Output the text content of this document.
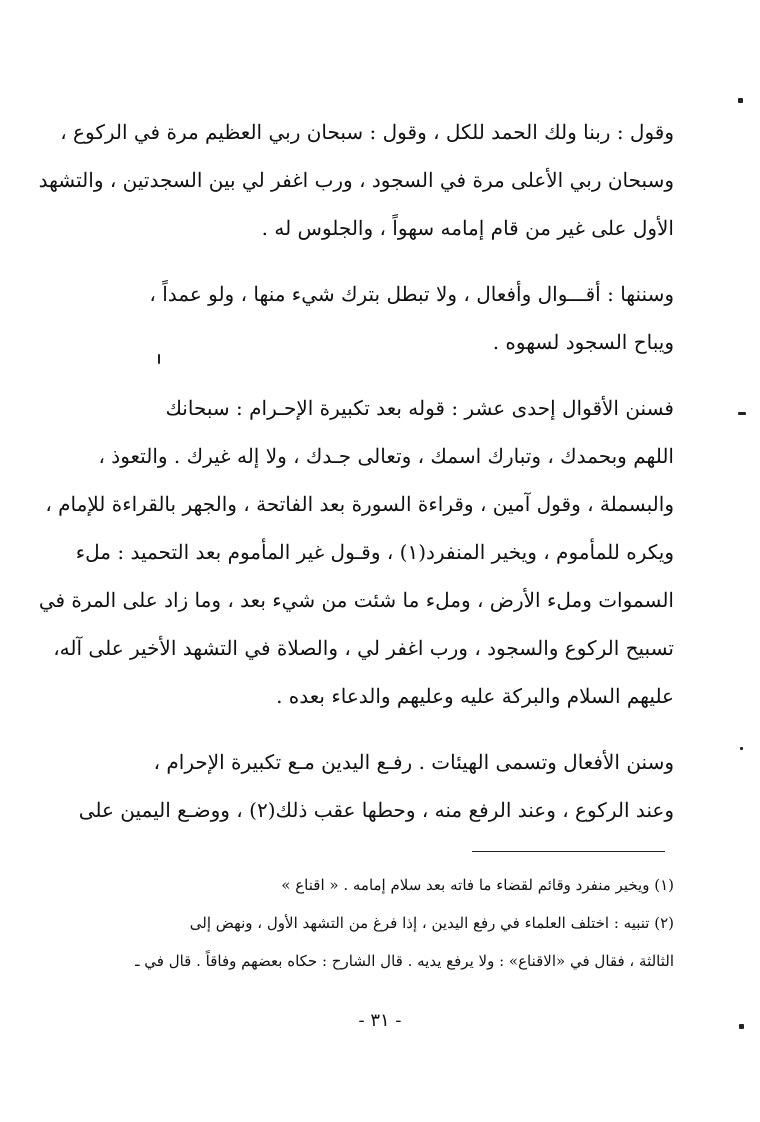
وقول : ربنا ولك الحمد للكل ، وقول : سبحان ربي العظيم مرة في الركوع ،
وسبحان ربي الأعلى مرة في السجود ، ورب اغفر لي بين السجدتين ، والتشهد
الأول على غير من قام إمامه سهواً ، والجلوس له .
وسننها : أقـــوال وأفعال ، ولا تبطل بترك شيء منها ، ولو عمداً ،
ويباح السجود لسهوه .
فسنن الأقوال إحدى عشر : قوله بعد تكبيرة الإحـرام : سبحانك
اللهم وبحمدك ، وتبارك اسمك ، وتعالى جـدك ، ولا إله غيرك . والتعوذ ،
والبسملة ، وقول آمين ، وقراءة السورة بعد الفاتحة ، والجهر بالقراءة للإمام ،
ويكره للمأموم ، ويخير المنفرد(١) ، وقـول غير المأموم بعد التحميد : ملء
السموات وملء الأرض ، وملء ما شئت من شيء بعد ، وما زاد على المرة في
تسبيح الركوع والسجود ، ورب اغفر لي ، والصلاة في التشهد الأخير على آله،
عليهم السلام والبركة عليه وعليهم والدعاء بعده .
وسنن الأفعال وتسمى الهيئات . رفـع اليدين مـع تكبيرة الإحرام ،
وعند الركوع ، وعند الرفع منه ، وحطها عقب ذلك(٢) ، ووضـع اليمين على
(١) ويخير منفرد وقائم لقضاء ما فاته بعد سلام إمامه . « اقناع »
(٢) تنبيه : اختلف العلماء في رفع اليدين ، إذا فرغ من التشهد الأول ، ونهض إلى
الثالثة ، فقال في «الاقناع» : ولا يرفع يديه . قال الشارح : حكاه بعضهم وفاقاً . قال في ـ
- ٣١ -
